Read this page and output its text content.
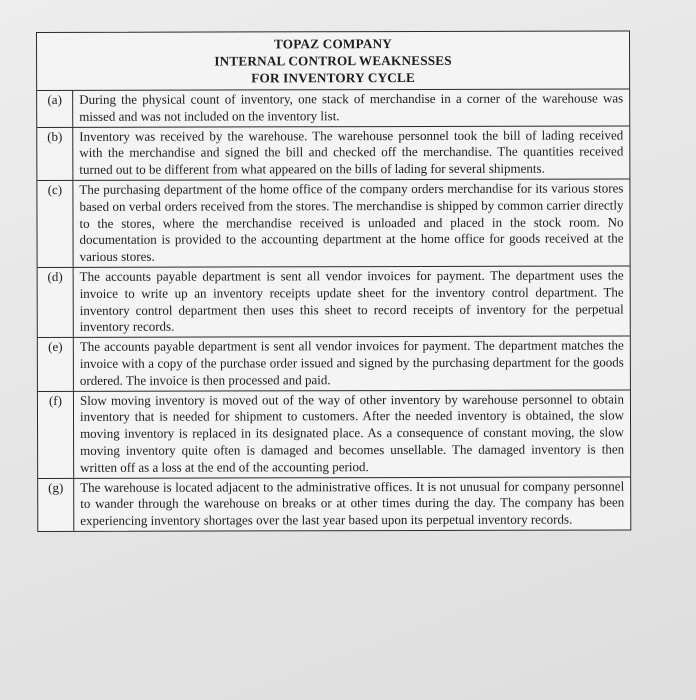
TOPAZ COMPANY
INTERNAL CONTROL WEAKNESSES
FOR INVENTORY CYCLE
(a)	During the physical count of inventory, one stack of merchandise in a corner of the warehouse was missed and was not included on the inventory list.
(b)	Inventory was received by the warehouse. The warehouse personnel took the bill of lading received with the merchandise and signed the bill and checked off the merchandise. The quantities received turned out to be different from what appeared on the bills of lading for several shipments.
(c)	The purchasing department of the home office of the company orders merchandise for its various stores based on verbal orders received from the stores. The merchandise is shipped by common carrier directly to the stores, where the merchandise received is unloaded and placed in the stock room. No documentation is provided to the accounting department at the home office for goods received at the various stores.
(d)	The accounts payable department is sent all vendor invoices for payment. The department uses the invoice to write up an inventory receipts update sheet for the inventory control department. The inventory control department then uses this sheet to record receipts of inventory for the perpetual inventory records.
(e)	The accounts payable department is sent all vendor invoices for payment. The department matches the invoice with a copy of the purchase order issued and signed by the purchasing department for the goods ordered. The invoice is then processed and paid.
(f)	Slow moving inventory is moved out of the way of other inventory by warehouse personnel to obtain inventory that is needed for shipment to customers. After the needed inventory is obtained, the slow moving inventory is replaced in its designated place. As a consequence of constant moving, the slow moving inventory quite often is damaged and becomes unsellable. The damaged inventory is then written off as a loss at the end of the accounting period.
(g)	The warehouse is located adjacent to the administrative offices. It is not unusual for company personnel to wander through the warehouse on breaks or at other times during the day. The company has been experiencing inventory shortages over the last year based upon its perpetual inventory records.
